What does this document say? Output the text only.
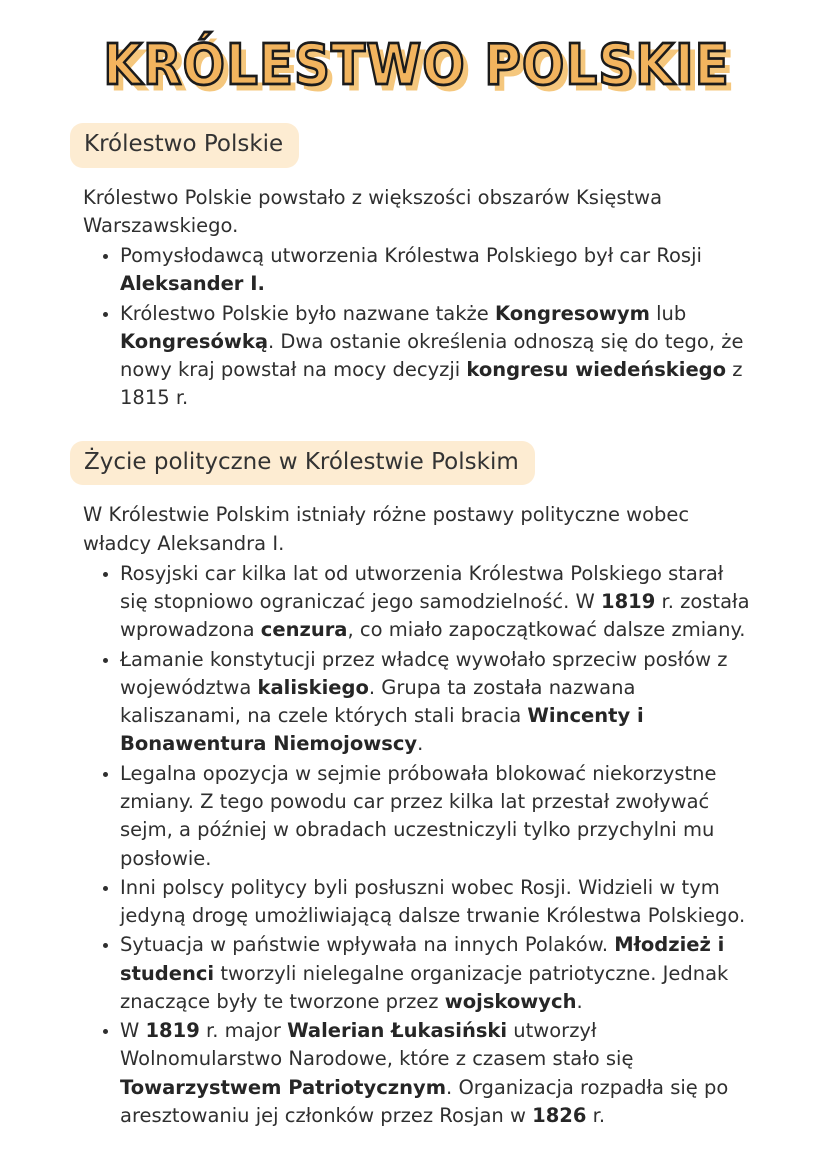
KRÓLESTWO POLSKIE
Królestwo Polskie

Królestwo Polskie powstało z większości obszarów Księstwa Warszawskiego.

• Pomysłodawcą utworzenia Królestwa Polskiego był car Rosji Aleksander I.
• Królestwo Polskie było nazwane także Kongresowym lub Kongresówką. Dwa ostanie określenia odnoszą się do tego, że nowy kraj powstał na mocy decyzji kongresu wiedeńskiego z 1815 r.
Życie polityczne w Królestwie Polskim

W Królestwie Polskim istniały różne postawy polityczne wobec władcy Aleksandra I.

• Rosyjski car kilka lat od utworzenia Królestwa Polskiego starał się stopniowo ograniczać jego samodzielność. W 1819 r. została wprowadzona cenzura, co miało zapoczątkować dalsze zmiany.
• Łamanie konstytucji przez władcę wywołało sprzeciw posłów z województwa kaliskiego. Grupa ta została nazwana kaliszanami, na czele których stali bracia Wincenty i Bonawentura Niemojowscy.
• Legalna opozycja w sejmie próbowała blokować niekorzystne zmiany. Z tego powodu car przez kilka lat przestał zwoływać sejm, a później w obradach uczestniczyli tylko przychylni mu posłowie.
• Inni polscy politycy byli posłuszni wobec Rosji. Widzieli w tym jedyną drogę umożliwiającą dalsze trwanie Królestwa Polskiego.
• Sytuacja w państwie wpływała na innych Polaków. Młodzież i studenci tworzyli nielegalne organizacje patriotyczne. Jednak znaczące były te tworzone przez wojskowych.
• W 1819 r. major Walerian Łukasiński utworzył Wolnomularstwo Narodowe, które z czasem stało się Towarzystwem Patriotycznym. Organizacja rozpadła się po aresztowaniu jej członków przez Rosjan w 1826 r.
